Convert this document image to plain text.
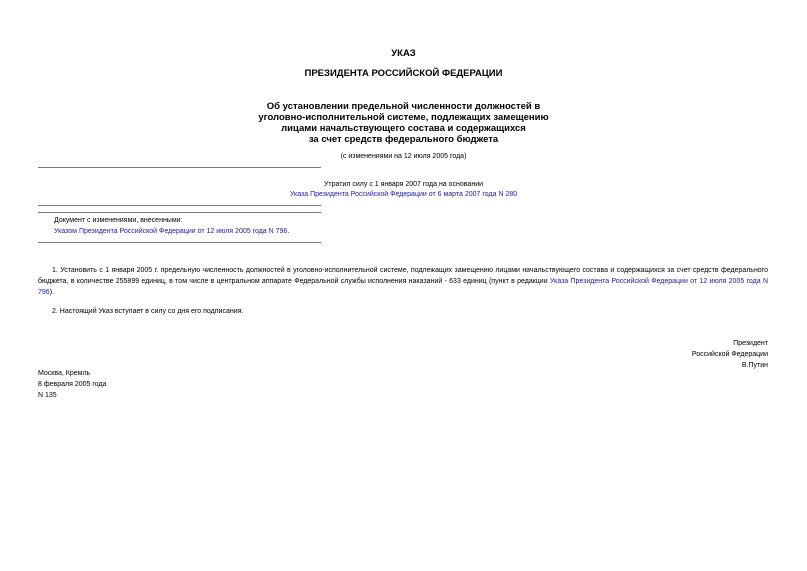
УКАЗ
ПРЕЗИДЕНТА РОССИЙСКОЙ ФЕДЕРАЦИИ
Об установлении предельной численности должностей в
уголовно-исполнительной системе, подлежащих замещению
лицами начальствующего состава и содержащихся
за счет средств федерального бюджета
(с изменениями на 12 июля 2005 года)
Утратил силу с 1 января 2007 года на основании
Указа Президента Российской Федерации от 6 марта 2007 года N 280
Документ с изменениями, внесенными:
Указом Президента Российской Федерации от 12 июля 2005 года N 796.
1. Установить с 1 января 2005 г. предельную численность должностей в уголовно-исполнительной системе, подлежащих замещению лицами начальствующего состава и содержащихся за счет средств федерального бюджета, в количестве 255899 единиц, в том числе в центральном аппарате Федеральной службы исполнения наказаний - 633 единиц (пункт в редакции Указа Президента Российской Федерации от 12 июля 2005 года N 796).
2. Настоящий Указ вступает в силу со дня его подписания.
Президент
Российской Федерации
В.Путин
Москва, Кремль
8 февраля 2005 года
N 135
